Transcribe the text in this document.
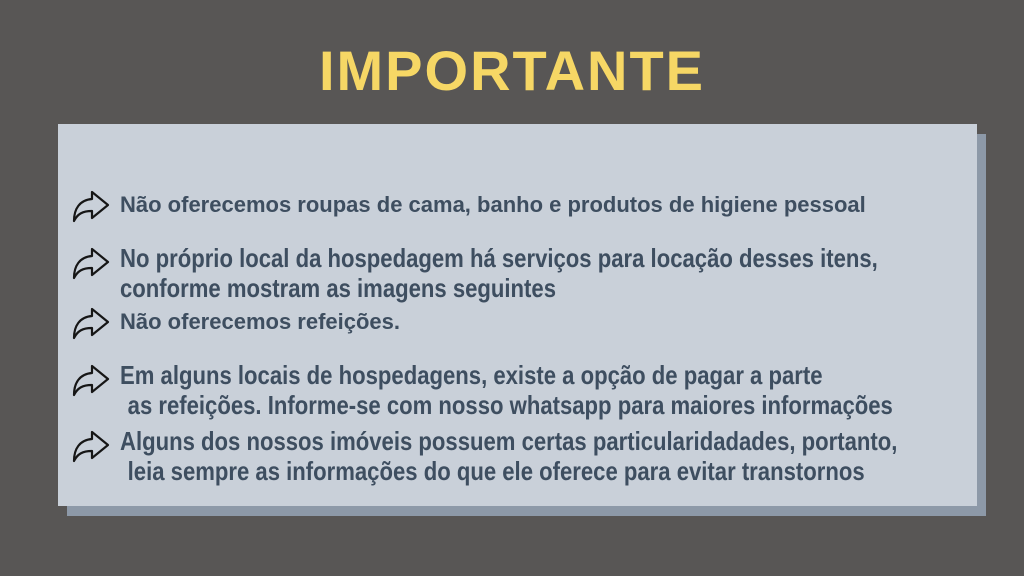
IMPORTANTE
Não oferecemos roupas de cama, banho e produtos de higiene pessoal
No próprio local da hospedagem há serviços para locação desses itens,
conforme mostram as imagens seguintes
Não oferecemos refeições.
Em alguns locais de hospedagens, existe a opção de pagar a parte
as refeições. Informe-se com nosso whatsapp para maiores informações
Alguns dos nossos imóveis possuem certas particularidadades, portanto,
leia sempre as informações do que ele oferece para evitar transtornos
